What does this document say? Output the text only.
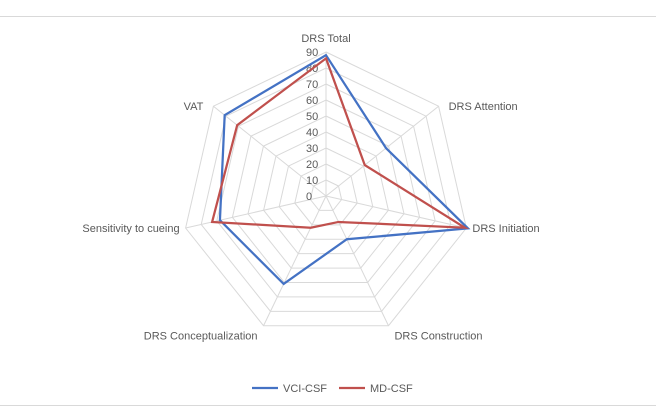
0
10
20
30
40
50
60
70
80
90
DRS Total
DRS Attention
DRS Initiation
DRS Construction
DRS Conceptualization
Sensitivity to cueing
VAT
VCI-CSF	MD-CSF
